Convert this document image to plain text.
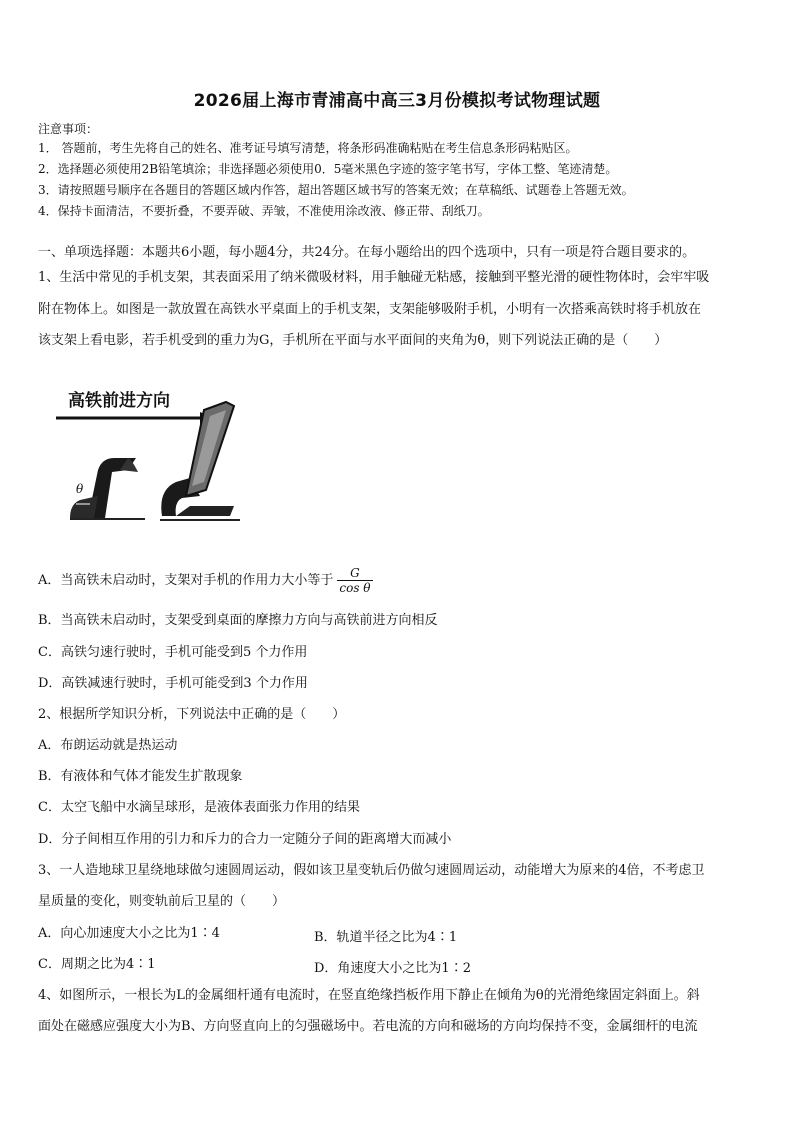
2026届上海市青浦高中高三3月份模拟考试物理试题
注意事项：
1． 答题前，考生先将自己的姓名、准考证号填写清楚，将条形码准确粘贴在考生信息条形码粘贴区。
2．选择题必须使用2B铅笔填涂；非选择题必须使用0．5毫米黑色字迹的签字笔书写，字体工整、笔迹清楚。
3．请按照题号顺序在各题目的答题区域内作答，超出答题区域书写的答案无效；在草稿纸、试题卷上答题无效。
4．保持卡面清洁，不要折叠，不要弄破、弄皱，不准使用涂改液、修正带、刮纸刀。
一、单项选择题：本题共6小题，每小题4分，共24分。在每小题给出的四个选项中，只有一项是符合题目要求的。
1、生活中常见的手机支架，其表面采用了纳米微吸材料，用手触碰无粘感，接触到平整光滑的硬性物体时，会牢牢吸
附在物体上。如图是一款放置在高铁水平桌面上的手机支架，支架能够吸附手机，小明有一次搭乘高铁时将手机放在
该支架上看电影，若手机受到的重力为G，手机所在平面与水平面间的夹角为θ，则下列说法正确的是（　　）
高铁前进方向
θ
A．当高铁未启动时，支架对手机的作用力大小等于 $\frac{G}{\text{cos θ}}$
B．当高铁未启动时，支架受到桌面的摩擦力方向与高铁前进方向相反
C．高铁匀速行驶时，手机可能受到5 个力作用
D．高铁减速行驶时，手机可能受到3 个力作用
2、根据所学知识分析，下列说法中正确的是（　　）
A．布朗运动就是热运动
B．有液体和气体才能发生扩散现象
C．太空飞船中水滴呈球形，是液体表面张力作用的结果
D．分子间相互作用的引力和斥力的合力一定随分子间的距离增大而减小
3、一人造地球卫星绕地球做匀速圆周运动，假如该卫星变轨后仍做匀速圆周运动，动能增大为原来的4倍，不考虑卫
星质量的变化，则变轨前后卫星的（　　）
A．向心加速度大小之比为1∶4	B．轨道半径之比为4∶1
C．周期之比为4∶1	D．角速度大小之比为1∶2
4、如图所示，一根长为L的金属细杆通有电流时，在竖直绝缘挡板作用下静止在倾角为θ的光滑绝缘固定斜面上。斜
面处在磁感应强度大小为B、方向竖直向上的匀强磁场中。若电流的方向和磁场的方向均保持不变，金属细杆的电流
